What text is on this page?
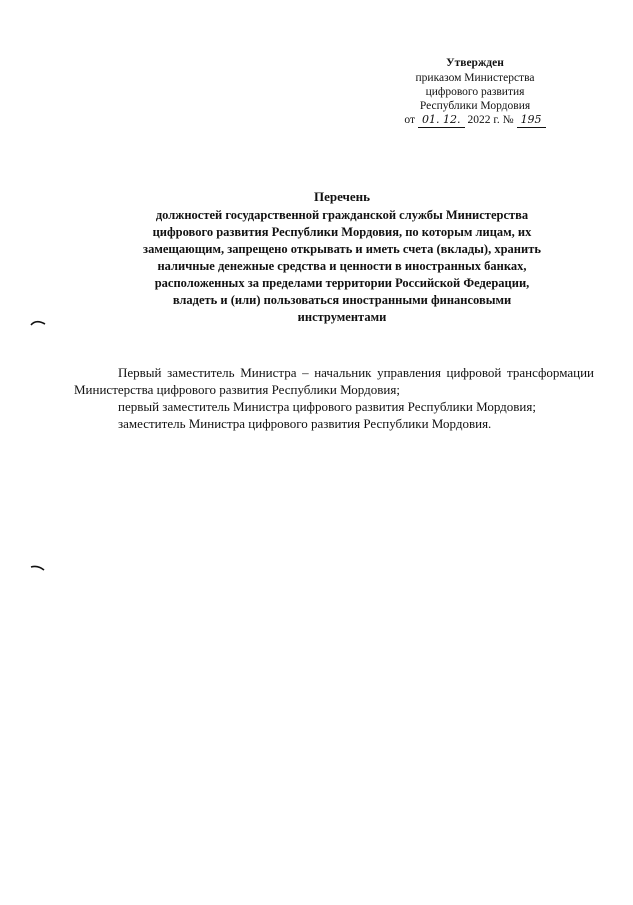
Утвержден
приказом Министерства
цифрового развития
Республики Мордовия
от 01. 12. 2022 г. № 195
Перечень
должностей государственной гражданской службы Министерства
цифрового развития Республики Мордовия, по которым лицам, их
замещающим, запрещено открывать и иметь счета (вклады), хранить
наличные денежные средства и ценности в иностранных банках,
расположенных за пределами территории Российской Федерации,
владеть и (или) пользоваться иностранными финансовыми
инструментами

Первый заместитель Министра – начальник управления цифровой трансформации Министерства цифрового развития Республики Мордовия;

первый заместитель Министра цифрового развития Республики Мордовия;

заместитель Министра цифрового развития Республики Мордовия.
